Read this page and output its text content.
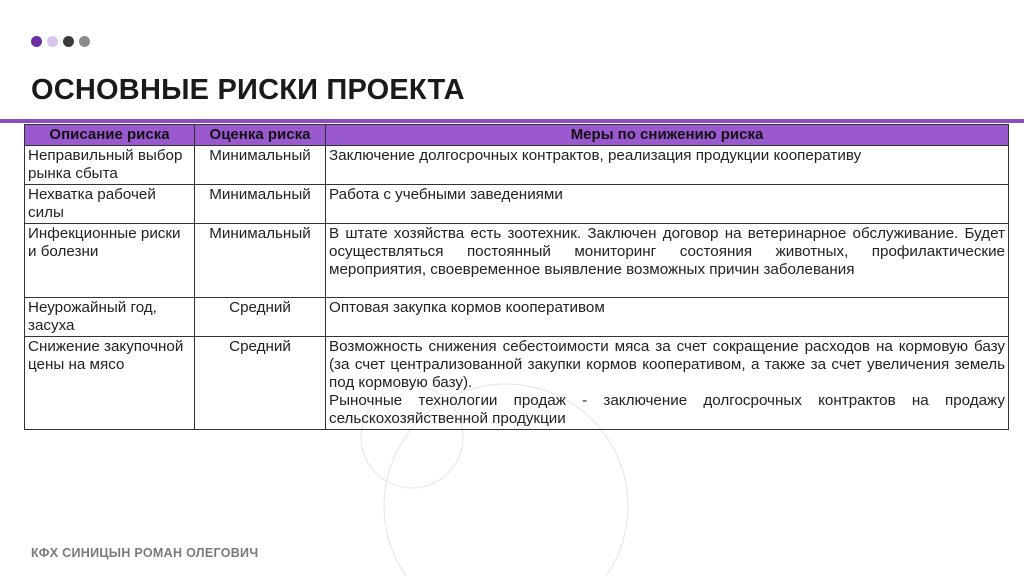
ОСНОВНЫЕ РИСКИ ПРОЕКТА
Описание риска	Оценка риска	Меры по снижению риска
Неправильный выбор рынка сбыта	Минимальный	Заключение долгосрочных контрактов, реализация продукции кооперативу

Нехватка рабочей силы	Минимальный	Работа с учебными заведениями

Инфекционные риски и болезни	Минимальный	В штате хозяйства есть зоотехник. Заключен договор на ветеринарное обслуживание. Будет осуществляться постоянный мониторинг состояния животных, профилактические мероприятия, своевременное выявление возможных причин заболевания

Неурожайный год, засуха	Средний	Оптовая закупка кормов кооперативом

Снижение закупочной цены на мясо	Средний	Возможность снижения себестоимости мяса за счет сокращение расходов на кормовую базу (за счет централизованной закупки кормов кооперативом, а также за счет увеличения земель под кормовую базу).
Рыночные технологии продаж - заключение долгосрочных контрактов на продажу сельскохозяйственной продукции
КФХ СИНИЦЫН РОМАН ОЛЕГОВИЧ
